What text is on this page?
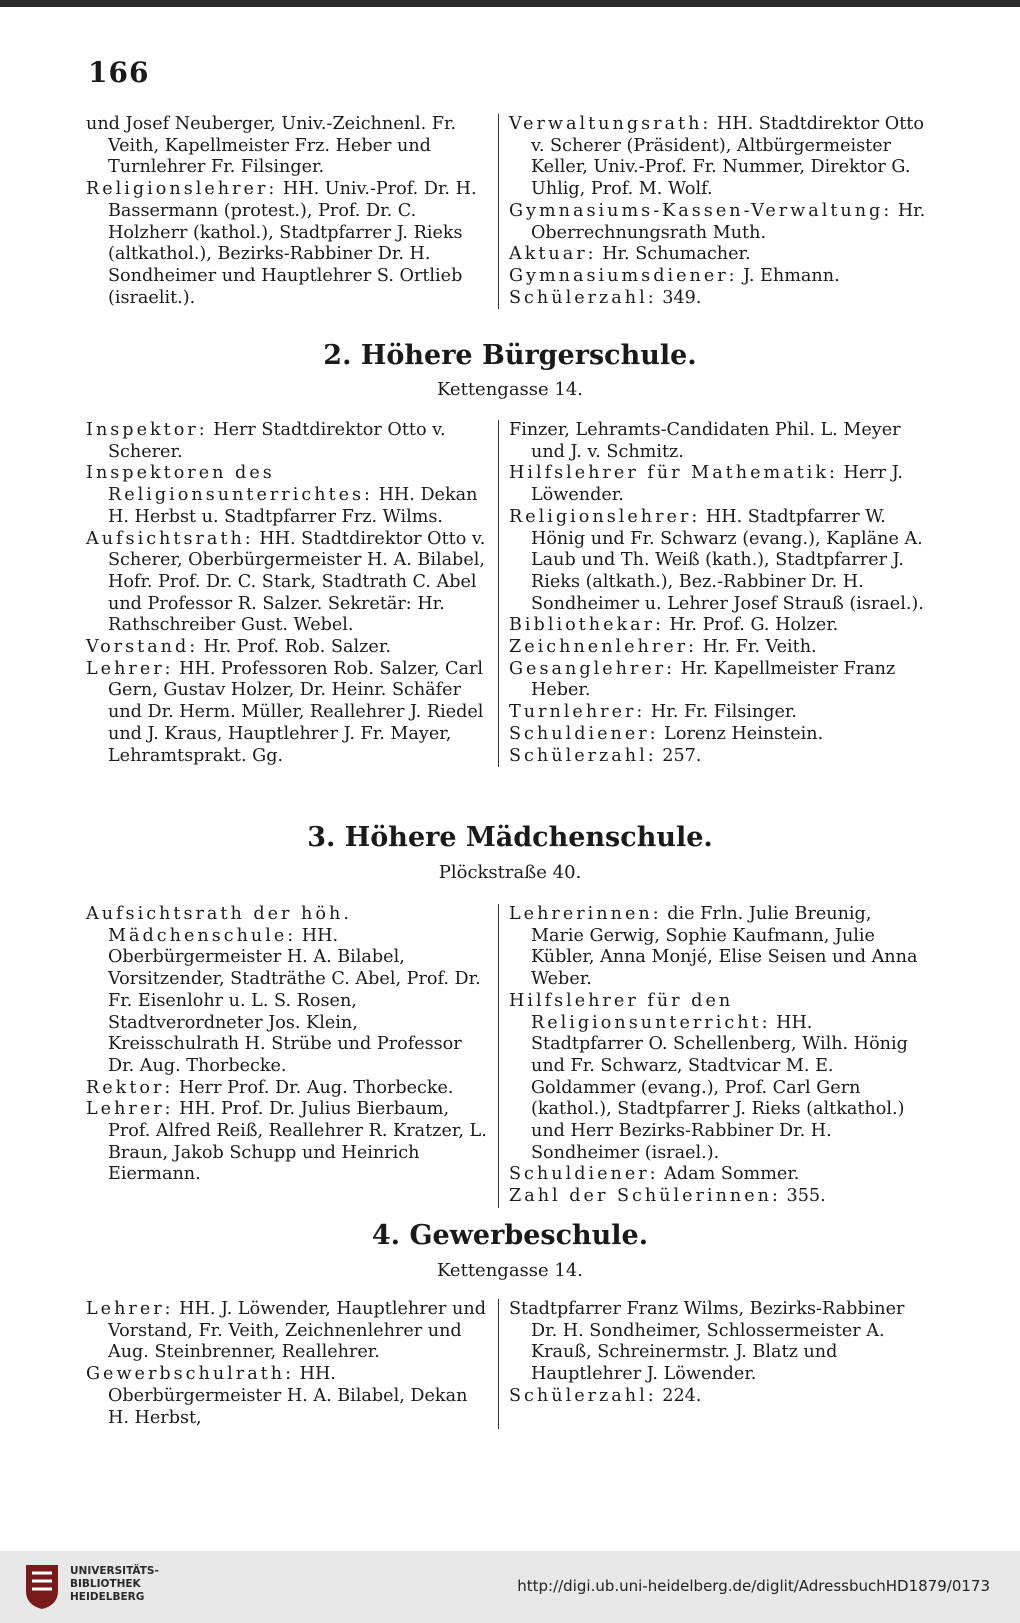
166
und Josef Neuberger, Univ.-Zeichnenl. Fr. Veith, Kapellmeister Frz. Heber und Turnlehrer Fr. Filsinger.
Religionslehrer: HH. Univ.-Prof. Dr. H. Bassermann (protest.), Prof. Dr. C. Holzherr (kathol.), Stadtpfarrer J. Rieks (altkathol.), Bezirks-Rabbiner Dr. H. Sondheimer und Hauptlehrer S. Ortlieb (israelit.).
Verwaltungsrath: HH. Stadtdirektor Otto v. Scherer (Präsident), Altbürgermeister Keller, Univ.-Prof. Fr. Nummer, Direktor G. Uhlig, Prof. M. Wolf.
Gymnasiums-Kassen-Verwaltung: Hr. Oberrechnungsrath Muth.
Aktuar: Hr. Schumacher.
Gymnasiumsdiener: J. Ehmann.
Schülerzahl: 349.
2. Höhere Bürgerschule.
Kettengasse 14.
Inspektor: Herr Stadtdirektor Otto v. Scherer.
Inspektoren des Religionsunterrichtes: HH. Dekan H. Herbst u. Stadtpfarrer Frz. Wilms.
Aufsichtsrath: HH. Stadtdirektor Otto v. Scherer, Oberbürgermeister H. A. Bilabel, Hofr. Prof. Dr. C. Stark, Stadtrath C. Abel und Professor R. Salzer. Sekretär: Hr. Rathschreiber Gust. Webel.
Vorstand: Hr. Prof. Rob. Salzer.
Lehrer: HH. Professoren Rob. Salzer, Carl Gern, Gustav Holzer, Dr. Heinr. Schäfer und Dr. Herm. Müller, Reallehrer J. Riedel und J. Kraus, Hauptlehrer J. Fr. Mayer, Lehramtsprakt. Gg.
Finzer, Lehramts-Candidaten Phil. L. Meyer und J. v. Schmitz.
Hilfslehrer für Mathematik: Herr J. Löwender.
Religionslehrer: HH. Stadtpfarrer W. Hönig und Fr. Schwarz (evang.), Kapläne A. Laub und Th. Weiß (kath.), Stadtpfarrer J. Rieks (altkath.), Bez.-Rabbiner Dr. H. Sondheimer u. Lehrer Josef Strauß (israel.).
Bibliothekar: Hr. Prof. G. Holzer.
Zeichnenlehrer: Hr. Fr. Veith.
Gesanglehrer: Hr. Kapellmeister Franz Heber.
Turnlehrer: Hr. Fr. Filsinger.
Schuldiener: Lorenz Heinstein.
Schülerzahl: 257.
3. Höhere Mädchenschule.
Plöckstraße 40.
Aufsichtsrath der höh. Mädchenschule: HH. Oberbürgermeister H. A. Bilabel, Vorsitzender, Stadträthe C. Abel, Prof. Dr. Fr. Eisenlohr u. L. S. Rosen, Stadtverordneter Jos. Klein, Kreisschulrath H. Strübe und Professor Dr. Aug. Thorbecke.
Rektor: Herr Prof. Dr. Aug. Thorbecke.
Lehrer: HH. Prof. Dr. Julius Bierbaum, Prof. Alfred Reiß, Reallehrer R. Kratzer, L. Braun, Jakob Schupp und Heinrich Eiermann.
Lehrerinnen: die Frln. Julie Breunig, Marie Gerwig, Sophie Kaufmann, Julie Kübler, Anna Monjé, Elise Seisen und Anna Weber.
Hilfslehrer für den Religionsunterricht: HH. Stadtpfarrer O. Schellenberg, Wilh. Hönig und Fr. Schwarz, Stadtvicar M. E. Goldammer (evang.), Prof. Carl Gern (kathol.), Stadtpfarrer J. Rieks (altkathol.) und Herr Bezirks-Rabbiner Dr. H. Sondheimer (israel.).
Schuldiener: Adam Sommer.
Zahl der Schülerinnen: 355.
4. Gewerbeschule.
Kettengasse 14.
Lehrer: HH. J. Löwender, Hauptlehrer und Vorstand, Fr. Veith, Zeichnenlehrer und Aug. Steinbrenner, Reallehrer.
Gewerbschulrath: HH. Oberbürgermeister H. A. Bilabel, Dekan H. Herbst,
Stadtpfarrer Franz Wilms, Bezirks-Rabbiner Dr. H. Sondheimer, Schlossermeister A. Krauß, Schreinermstr. J. Blatz und Hauptlehrer J. Löwender.
Schülerzahl: 224.
UNIVERSITÄTS-
BIBLIOTHEK
HEIDELBERG
http://digi.ub.uni-heidelberg.de/diglit/AdressbuchHD1879/0173
